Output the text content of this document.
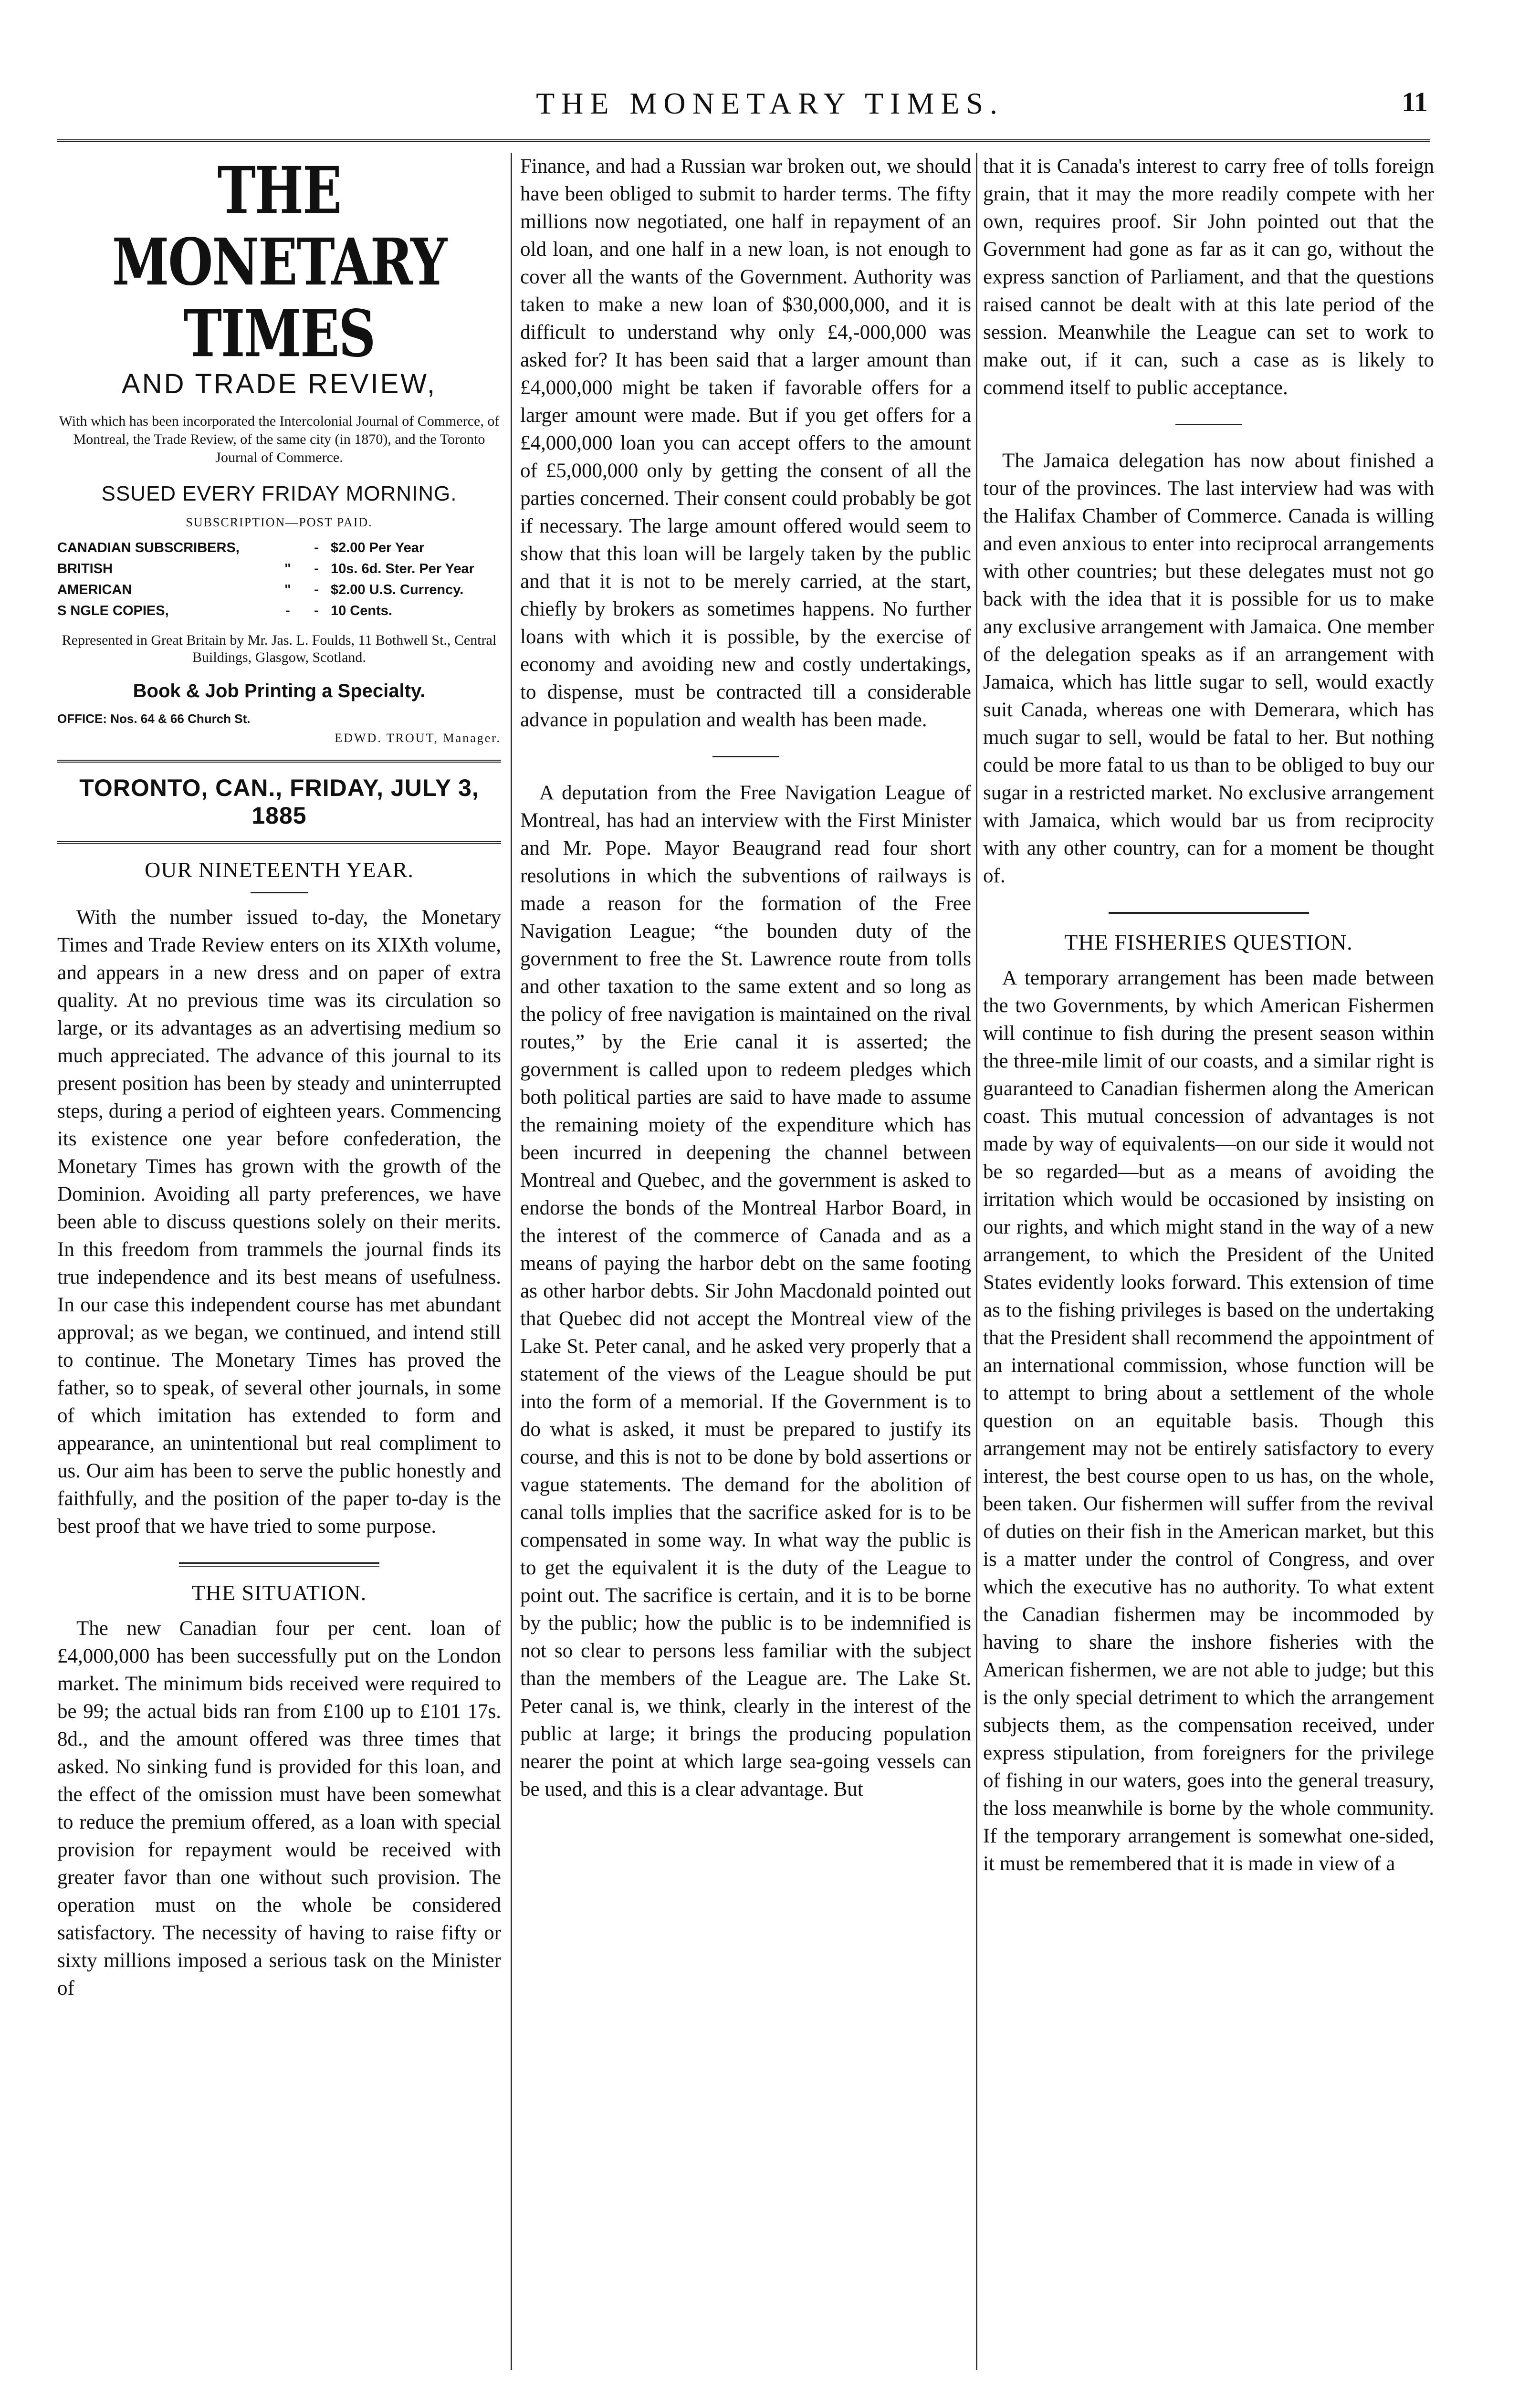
THE MONETARY TIMES.	11
THE MONETARY TIMES
AND TRADE REVIEW,
With which has been incorporated the Intercolonial Journal of Commerce, of Montreal, the Trade Review, of the same city (in 1870), and the Toronto Journal of Commerce.
SSUED EVERY FRIDAY MORNING.
SUBSCRIPTION—POST PAID.
CANADIAN SUBSCRIBERS,		-	$2.00 Per Year
BRITISH	"	-	10s. 6d. Ster. Per Year
AMERICAN	"	-	$2.00 U.S. Currency.
S NGLE COPIES,	-	-	10 Cents.
Represented in Great Britain by Mr. Jas. L. Foulds, 11 Bothwell St., Central Buildings, Glasgow, Scotland.
Book & Job Printing a Specialty.
OFFICE: Nos. 64 & 66 Church St.
EDWD. TROUT, Manager.
TORONTO, CAN., FRIDAY, JULY 3, 1885
OUR NINETEENTH YEAR.

With the number issued to-day, the Monetary Times and Trade Review enters on its XIXth volume, and appears in a new dress and on paper of extra quality. At no previous time was its circulation so large, or its advantages as an advertising medium so much appreciated. The advance of this journal to its present position has been by steady and uninterrupted steps, during a period of eighteen years. Commencing its existence one year before confederation, the Monetary Times has grown with the growth of the Dominion. Avoiding all party preferences, we have been able to discuss questions solely on their merits. In this freedom from trammels the journal finds its true independence and its best means of usefulness. In our case this independent course has met abundant approval; as we began, we continued, and intend still to continue. The Monetary Times has proved the father, so to speak, of several other journals, in some of which imitation has extended to form and appearance, an unintentional but real compliment to us. Our aim has been to serve the public honestly and faithfully, and the position of the paper to-day is the best proof that we have tried to some purpose.

THE SITUATION.

The new Canadian four per cent. loan of £4,000,000 has been successfully put on the London market. The minimum bids received were required to be 99; the actual bids ran from £100 up to £101 17s. 8d., and the amount offered was three times that asked. No sinking fund is provided for this loan, and the effect of the omission must have been somewhat to reduce the premium offered, as a loan with special provision for repayment would be received with greater favor than one without such provision. The operation must on the whole be considered satisfactory. The necessity of having to raise fifty or sixty millions imposed a serious task on the Minister of

Finance, and had a Russian war broken out, we should have been obliged to submit to harder terms. The fifty millions now negotiated, one half in repayment of an old loan, and one half in a new loan, is not enough to cover all the wants of the Government. Authority was taken to make a new loan of $30,000,000, and it is difficult to understand why only £4,-000,000 was asked for? It has been said that a larger amount than £4,000,000 might be taken if favorable offers for a larger amount were made. But if you get offers for a £4,000,000 loan you can accept offers to the amount of £5,000,000 only by getting the consent of all the parties concerned. Their consent could probably be got if necessary. The large amount offered would seem to show that this loan will be largely taken by the public and that it is not to be merely carried, at the start, chiefly by brokers as sometimes happens. No further loans with which it is possible, by the exercise of economy and avoiding new and costly undertakings, to dispense, must be contracted till a considerable advance in population and wealth has been made.

A deputation from the Free Navigation League of Montreal, has had an interview with the First Minister and Mr. Pope. Mayor Beaugrand read four short resolutions in which the subventions of railways is made a reason for the formation of the Free Navigation League; “the bounden duty of the government to free the St. Lawrence route from tolls and other taxation to the same extent and so long as the policy of free navigation is maintained on the rival routes,” by the Erie canal it is asserted; the government is called upon to redeem pledges which both political parties are said to have made to assume the remaining moiety of the expenditure which has been incurred in deepening the channel between Montreal and Quebec, and the government is asked to endorse the bonds of the Montreal Harbor Board, in the interest of the commerce of Canada and as a means of paying the harbor debt on the same footing as other harbor debts. Sir John Macdonald pointed out that Quebec did not accept the Montreal view of the Lake St. Peter canal, and he asked very properly that a statement of the views of the League should be put into the form of a memorial. If the Government is to do what is asked, it must be prepared to justify its course, and this is not to be done by bold assertions or vague statements. The demand for the abolition of canal tolls implies that the sacrifice asked for is to be compensated in some way. In what way the public is to get the equivalent it is the duty of the League to point out. The sacrifice is certain, and it is to be borne by the public; how the public is to be indemnified is not so clear to persons less familiar with the subject than the members of the League are. The Lake St. Peter canal is, we think, clearly in the interest of the public at large; it brings the producing population nearer the point at which large sea-going vessels can be used, and this is a clear advantage. But

that it is Canada's interest to carry free of tolls foreign grain, that it may the more readily compete with her own, requires proof. Sir John pointed out that the Government had gone as far as it can go, without the express sanction of Parliament, and that the questions raised cannot be dealt with at this late period of the session. Meanwhile the League can set to work to make out, if it can, such a case as is likely to commend itself to public acceptance.

The Jamaica delegation has now about finished a tour of the provinces. The last interview had was with the Halifax Chamber of Commerce. Canada is willing and even anxious to enter into reciprocal arrangements with other countries; but these delegates must not go back with the idea that it is possible for us to make any exclusive arrangement with Jamaica. One member of the delegation speaks as if an arrangement with Jamaica, which has little sugar to sell, would exactly suit Canada, whereas one with Demerara, which has much sugar to sell, would be fatal to her. But nothing could be more fatal to us than to be obliged to buy our sugar in a restricted market. No exclusive arrangement with Jamaica, which would bar us from reciprocity with any other country, can for a moment be thought of.

THE FISHERIES QUESTION.

A temporary arrangement has been made between the two Governments, by which American Fishermen will continue to fish during the present season within the three-mile limit of our coasts, and a similar right is guaranteed to Canadian fishermen along the American coast. This mutual concession of advantages is not made by way of equivalents—on our side it would not be so regarded—but as a means of avoiding the irritation which would be occasioned by insisting on our rights, and which might stand in the way of a new arrangement, to which the President of the United States evidently looks forward. This extension of time as to the fishing privileges is based on the undertaking that the President shall recommend the appointment of an international commission, whose function will be to attempt to bring about a settlement of the whole question on an equitable basis. Though this arrangement may not be entirely satisfactory to every interest, the best course open to us has, on the whole, been taken. Our fishermen will suffer from the revival of duties on their fish in the American market, but this is a matter under the control of Congress, and over which the executive has no authority. To what extent the Canadian fishermen may be incommoded by having to share the inshore fisheries with the American fishermen, we are not able to judge; but this is the only special detriment to which the arrangement subjects them, as the compensation received, under express stipulation, from foreigners for the privilege of fishing in our waters, goes into the general treasury, the loss meanwhile is borne by the whole community. If the temporary arrangement is somewhat one-sided, it must be remembered that it is made in view of a
